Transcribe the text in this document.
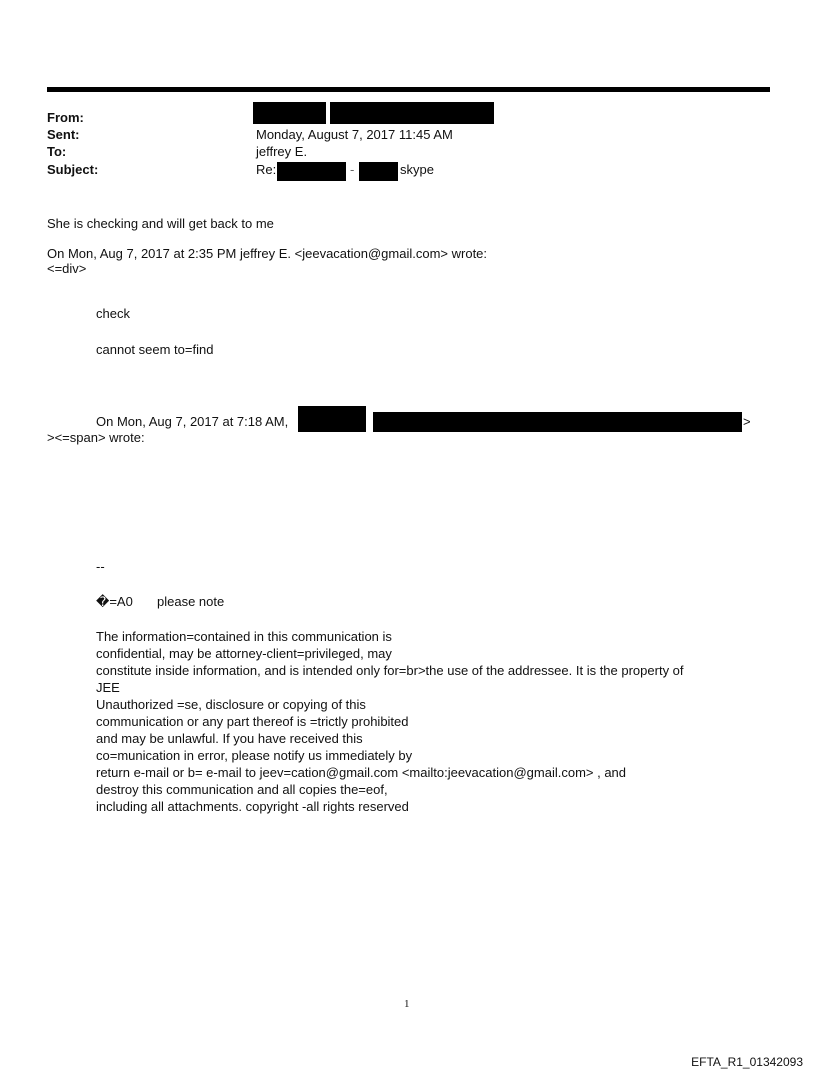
From:
Sent:	Monday, August 7, 2017 11:45 AM
To:	jeffrey E.
Subject:	Re:	-	skype
She is checking and will get back to me
On Mon, Aug 7, 2017 at 2:35 PM jeffrey E. <jeevacation@gmail.com> wrote:
<=div>
check
cannot seem to=find
On Mon, Aug 7, 2017 at 7:18 AM,	>
><=span> wrote:
--
�=A0 please note
The information=contained in this communication is
confidential, may be attorney-client=privileged, may
constitute inside information, and is intended only for=br>the use of the addressee. It is the property of
JEE
Unauthorized =se, disclosure or copying of this
communication or any part thereof is =trictly prohibited
and may be unlawful. If you have received this
co=munication in error, please notify us immediately by
return e-mail or b= e-mail to jeev=cation@gmail.com <mailto:jeevacation@gmail.com> , and
destroy this communication and all copies the=eof,
including all attachments. copyright -all rights reserved
1
EFTA_R1_01342093
